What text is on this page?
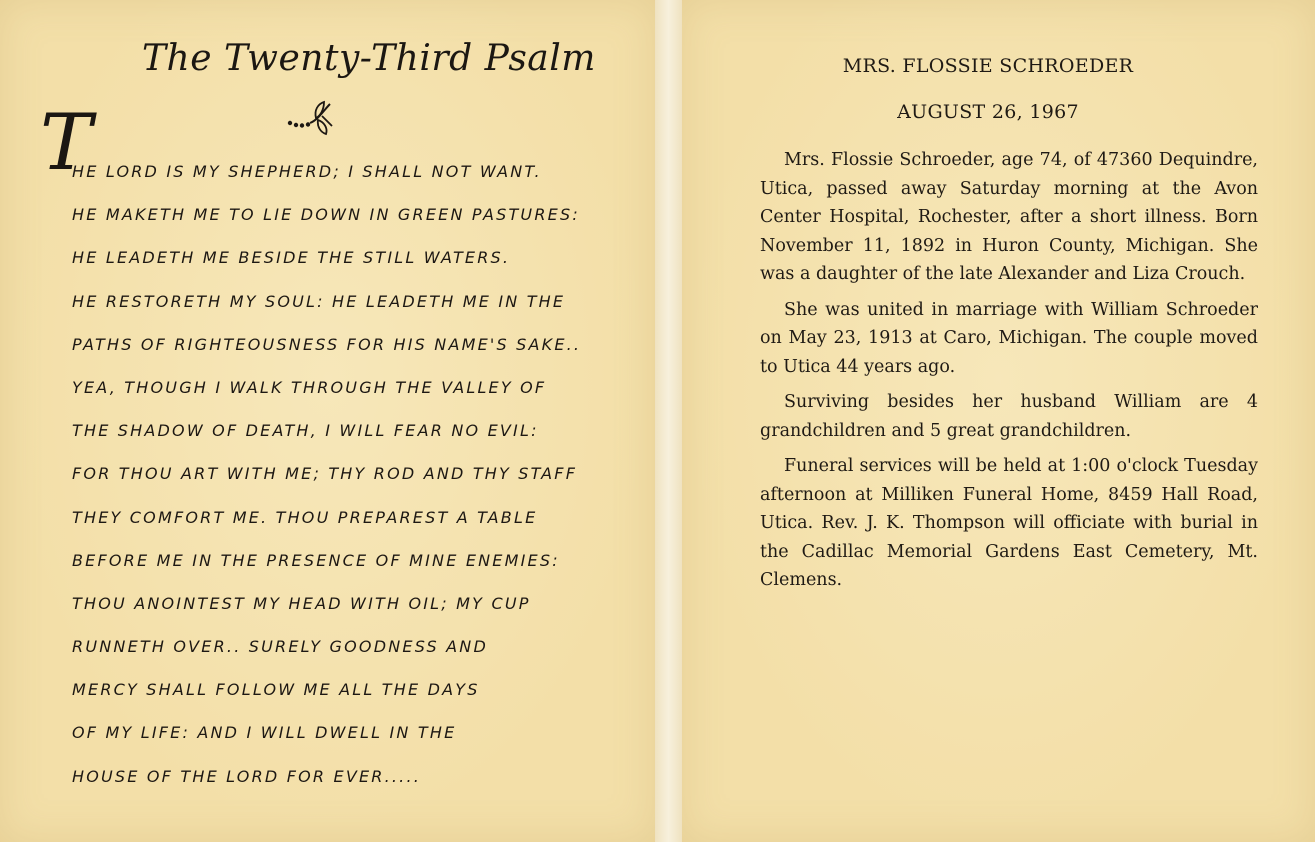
The Twenty-Third Psalm
T
HE LORD IS MY SHEPHERD; I SHALL NOT WANT.
HE MAKETH ME TO LIE DOWN IN GREEN PASTURES:
HE LEADETH ME BESIDE THE STILL WATERS.
HE RESTORETH MY SOUL: HE LEADETH ME IN THE
PATHS OF RIGHTEOUSNESS FOR HIS NAME'S SAKE..
YEA, THOUGH I WALK THROUGH THE VALLEY OF
THE SHADOW OF DEATH, I WILL FEAR NO EVIL:
FOR THOU ART WITH ME; THY ROD AND THY STAFF
THEY COMFORT ME. THOU PREPAREST A TABLE
BEFORE ME IN THE PRESENCE OF MINE ENEMIES:
THOU ANOINTEST MY HEAD WITH OIL; MY CUP
RUNNETH OVER.. SURELY GOODNESS AND
MERCY SHALL FOLLOW ME ALL THE DAYS
OF MY LIFE: AND I WILL DWELL IN THE
HOUSE OF THE LORD FOR EVER.....
MRS. FLOSSIE SCHROEDER
AUGUST 26, 1967

Mrs. Flossie Schroeder, age 74, of 47360 Dequindre, Utica, passed away Saturday morning at the Avon Center Hospital, Rochester, after a short illness. Born November 11, 1892 in Huron County, Michigan. She was a daughter of the late Alexander and Liza Crouch.

She was united in marriage with William Schroeder on May 23, 1913 at Caro, Michigan. The couple moved to Utica 44 years ago.

Surviving besides her husband William are 4 grandchildren and 5 great grandchildren.

Funeral services will be held at 1:00 o'clock Tuesday afternoon at Milliken Funeral Home, 8459 Hall Road, Utica. Rev. J. K. Thompson will officiate with burial in the Cadillac Memorial Gardens East Cemetery, Mt. Clemens.
